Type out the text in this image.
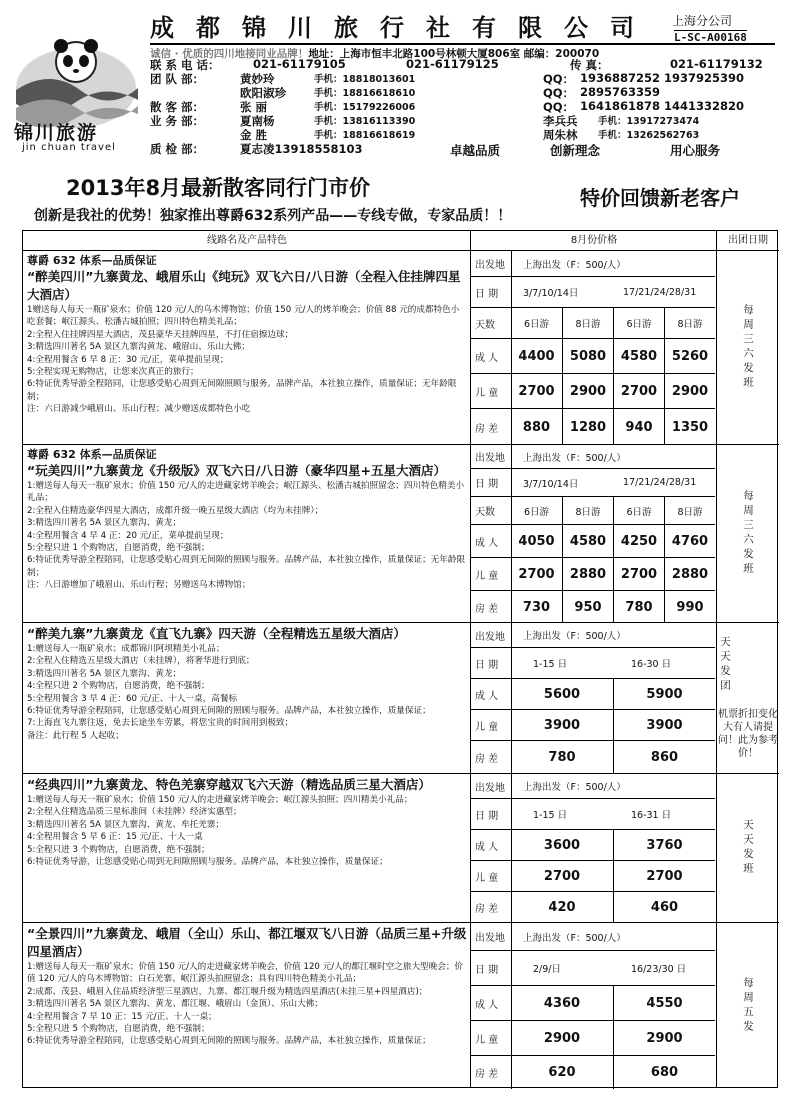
锦川旅游
jin chuan travel
成都锦川旅行社有限公司 上海分公司
L-SC-A00168
诚信 · 优质的四川地接同业品牌！地址：上海市恒丰北路100号林顿大厦806室 邮编：200070
联 系 电 话：	021-61179105	021-61179125	传 真：	021-61179132
团 队 部：	黄妙玲	手机：18818013601	QQ： 1936887252 1937925390
欧阳淑珍	手机：18816618610	QQ： 2895763359
散 客 部：	张 丽	手机：15179226006	QQ： 1641861878 1441332820
业 务 部：	夏南杨	手机：13816113390	李兵兵 手机：13917273474
金 胜	手机：18816618619	周朱林 手机：13262562763
质 检 部：	夏志凌13918558103	卓越品质	创新理念	用心服务
2013年8月最新散客同行门市价	特价回馈新老客户
创新是我社的优势！独家推出尊爵632系列产品——专线专做，专家品质！！
线路名及产品特色	8月份价格	出团日期
尊爵 632 体系—品质保证
“醉美四川”九寨黄龙、峨眉乐山《纯玩》双飞六日/八日游（全程入住挂牌四星大酒店）
1赠送每人每天一瓶矿泉水；价值 120 元/人的乌木博物馆；价值 150 元/人的烤羊晚会；价值 88 元的成都特色小吃套餐；岷江源头、松潘古城拍照；四川特色精美礼品；
2:全程入住挂牌四星大酒店，茂县豪华天挂牌四星，不打住宿擦边球；
3:精选四川著名 5A 景区九寨沟黄龙、峨眉山、乐山大佛；
4:全程用餐含 6 早 8 正：30 元/正，菜单提前呈现；
5:全程实现无购物店，让您来次真正的旅行；
6:特证优秀导游全程陪同，让您感受贴心周到无间隙照顾与服务。品牌产品，本社独立操作，质量保证；无年龄限制；
注：六日游减少峨眉山、乐山行程；减少赠送成都特色小吃
出发地 上海出发（F：500/人）
日 期	3/7/10/14日	17/21/24/28/31
天数	6日游	8日游	6日游	8日游
成 人	4400	5080	4580	5260
儿 童	2700	2900	2700	2900
房 差	880	1280	940	1350
每周三六发班
尊爵 632 体系—品质保证
“玩美四川”九寨黄龙《升级版》双飞六日/八日游（豪华四星+五星大酒店）
1:赠送每人每天一瓶矿泉水；价值 150 元/人的走进藏家烤羊晚会；岷江源头、松潘古城拍照留念；四川特色精美小礼品；
2:全程入住精选豪华四星大酒店，成都升级一晚五星级大酒店（均为未挂牌）；
3:精选四川著名 5A 景区九寨沟、黄龙；
4:全程用餐含 4 早 4 正：20 元/正，菜单提前呈现；
5:全程只进 1 个购物店，自愿消费，绝不强制；
6:特证优秀导游全程陪同，让您感受贴心周到无间隙的照顾与服务。品牌产品，本社独立操作，质量保证；无年龄限制；
注：八日游增加了峨眉山、乐山行程；另赠送乌木博物馆；
出发地 上海出发（F：500/人）
日 期	3/7/10/14日	17/21/24/28/31
天数	6日游	8日游	6日游	8日游
成 人	4050	4580	4250	4760
儿 童	2700	2880	2700	2880
房 差	730	950	780	990
每周三六发班
“醉美九寨”九寨黄龙《直飞九寨》四天游（全程精选五星级大酒店）
1:赠送每人一瓶矿泉水；成都锦川阿坝精美小礼品；
2:全程入住精选五星级大酒店（未挂牌），将奢华进行到底；
3:精选四川著名 5A 景区九寨沟、黄龙；
4:全程只进 2 个购物店，自愿消费，绝不强制；
5:全程用餐含 3 早 4 正：60 元/正、十人一桌，高餐标
6:特证优秀导游全程陪同，让您感受贴心周到无间隙的照顾与服务。品牌产品，本社独立操作，质量保证；
7:上海直飞九寨往返，免去长途坐车劳累，将您宝贵的时间用到极致；
备注：此行程 5 人起收；
出发地 上海出发（F：500/人）
日 期	1-15 日	16-30 日
成 人	5600	5900
儿 童	3900	3900
房 差	780	860
天天发团
机票折扣变化大有人请提问！此为参考价！
“经典四川”九寨黄龙、特色羌寨穿越双飞六天游（精选品质三星大酒店）
1:赠送每人每天一瓶矿泉水；价值 150 元/人的走进藏家烤羊晚会；岷江源头拍照；四川精美小礼品；
2:全程入住精选品质三星标准间（未挂牌）经济实惠型；
3:精选四川著名 5A 景区九寨沟、黄龙、牟托羌寨；
4:全程用餐含 5 早 6 正：15 元/正、十人一桌
5:全程只进 3 个购物店，自愿消费，绝不强制；
6:特证优秀导游，让您感受贴心周到无间隙照顾与服务。品牌产品，本社独立操作，质量保证；
出发地 上海出发（F：500/人）
日 期	1-15 日	16-31 日
成 人	3600	3760
儿 童	2700	2700
房 差	420	460
天天发班
“全景四川”九寨黄龙、峨眉（全山）乐山、都江堰双飞八日游（品质三星+升级四星酒店）
1:赠送每人每天一瓶矿泉水；价值 150 元/人的走进藏家烤羊晚会，价值 120 元/人的都江堰时空之旅大型晚会；价值 120 元/人的乌木博物馆；白石羌寨、岷江源头拍照留念；具有四川特色精美小礼品；
2:成都、茂县、峨眉入住品质经济型三星酒店，九寨、都江堰升级为精选四星酒店(未挂三星+四星酒店)；
3:精选四川著名 5A 景区九寨沟、黄龙、都江堰、峨眉山（金顶）、乐山大佛；
4:全程用餐含 7 早 10 正：15 元/正、十人一桌；
5:全程只进 5 个购物店，自愿消费，绝不强制；
6:特证优秀导游全程陪同，让您感受贴心周到无间隙的照顾与服务。品牌产品，本社独立操作，质量保证；
出发地 上海出发（F：500/人）
日 期	2/9/日	16/23/30 日
成 人	4360	4550
儿 童	2900	2900
房 差	620	680
每周五发
